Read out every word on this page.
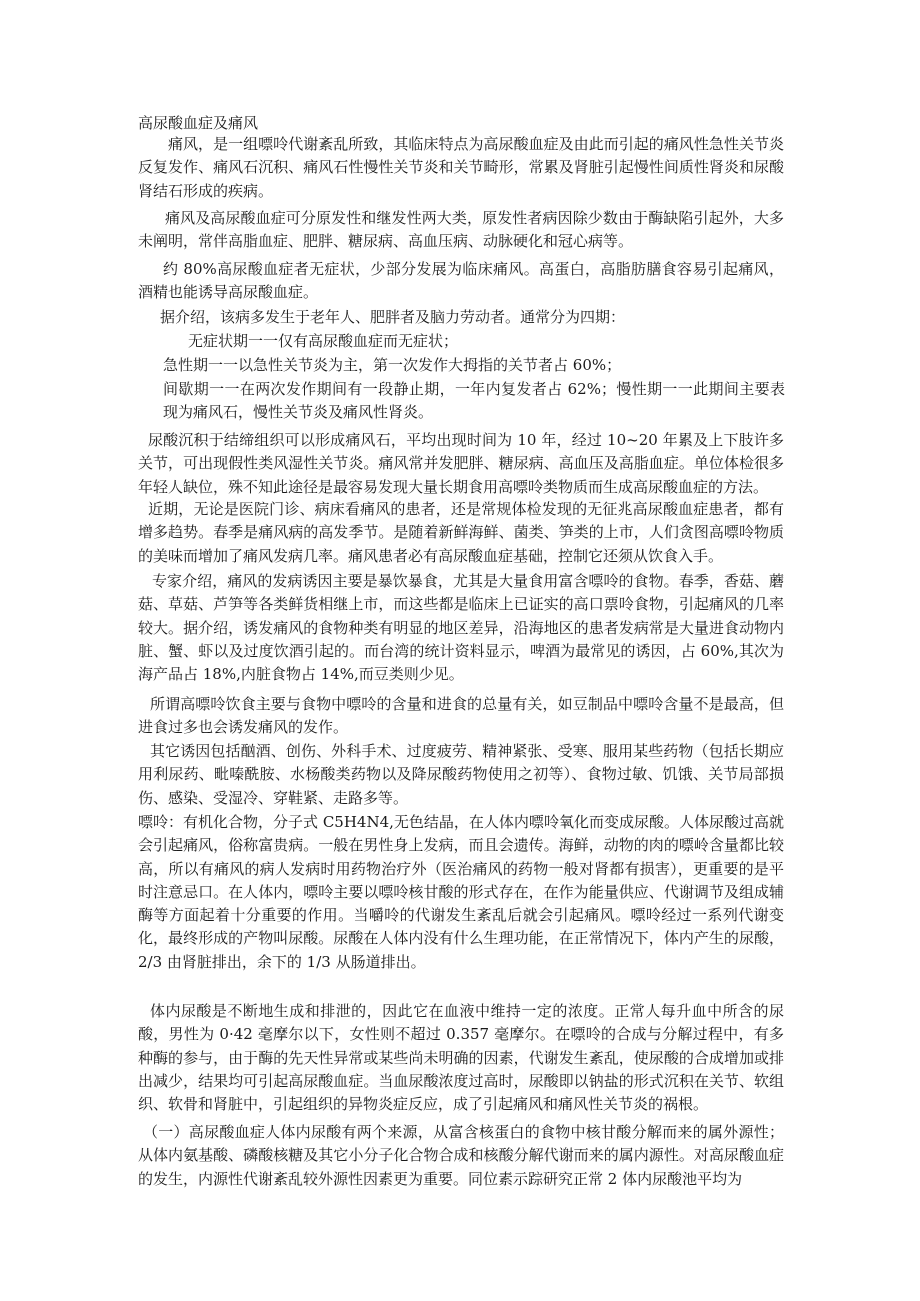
高尿酸血症及痛风

痛风，是一组嘌呤代谢紊乱所致，其临床特点为高尿酸血症及由此而引起的痛风性急性关节炎反复发作、痛风石沉积、痛风石性慢性关节炎和关节畸形，常累及肾脏引起慢性间质性肾炎和尿酸肾结石形成的疾病。

痛风及高尿酸血症可分原发性和继发性两大类，原发性者病因除少数由于酶缺陷引起外，大多未阐明，常伴高脂血症、肥胖、糖尿病、高血压病、动脉硬化和冠心病等。

约 80%高尿酸血症者无症状，少部分发展为临床痛风。高蛋白，高脂肪膳食容易引起痛风，酒精也能诱导高尿酸血症。

据介绍，该病多发生于老年人、肥胖者及脑力劳动者。通常分为四期：

无症状期一一仅有高尿酸血症而无症状；

急性期一一以急性关节炎为主，第一次发作大拇指的关节者占 60%；

间歇期一一在两次发作期间有一段静止期，一年内复发者占 62%；慢性期一一此期间主要表现为痛风石，慢性关节炎及痛风性肾炎。

尿酸沉积于结缔组织可以形成痛风石，平均出现时间为 10 年，经过 10~20 年累及上下肢许多关节，可出现假性类风湿性关节炎。痛风常并发肥胖、糖尿病、高血压及高脂血症。单位体检很多年轻人缺位，殊不知此途径是最容易发现大量长期食用高嘌呤类物质而生成高尿酸血症的方法。

近期，无论是医院门诊、病床看痛风的患者，还是常规体检发现的无征兆高尿酸血症患者，都有增多趋势。春季是痛风病的高发季节。是随着新鲜海鲜、菌类、笋类的上市，人们贪图高嘌呤物质的美味而增加了痛风发病几率。痛风患者必有高尿酸血症基础，控制它还须从饮食入手。

专家介绍，痛风的发病诱因主要是暴饮暴食，尤其是大量食用富含嘌呤的食物。春季，香菇、蘑菇、草菇、芦笋等各类鲜货相继上市，而这些都是临床上已证实的高口票呤食物，引起痛风的几率较大。据介绍，诱发痛风的食物种类有明显的地区差异，沿海地区的患者发病常是大量进食动物内脏、蟹、虾以及过度饮酒引起的。而台湾的统计资料显示，啤酒为最常见的诱因，占 60%,其次为海产品占 18%,内脏食物占 14%,而豆类则少见。

所谓高嘌呤饮食主要与食物中嘌呤的含量和进食的总量有关，如豆制品中嘌呤含量不是最高，但进食过多也会诱发痛风的发作。

其它诱因包括酗酒、创伤、外科手术、过度疲劳、精神紧张、受寒、服用某些药物（包括长期应用利尿药、毗嗪酰胺、水杨酸类药物以及降尿酸药物使用之初等）、食物过敏、饥饿、关节局部损伤、感染、受湿冷、穿鞋紧、走路多等。

嘌呤：有机化合物，分子式 C5H4N4,无色结晶，在人体内嘌呤氧化而变成尿酸。人体尿酸过高就会引起痛风，俗称富贵病。一般在男性身上发病，而且会遗传。海鲜，动物的肉的嘌岭含量都比较高，所以有痛风的病人发病时用药物治疗外（医治痛风的药物一般对肾都有损害），更重要的是平时注意忌口。在人体内，嘌呤主要以嘌呤核甘酸的形式存在，在作为能量供应、代谢调节及组成辅酶等方面起着十分重要的作用。当嚼呤的代谢发生紊乱后就会引起痛风。嘌呤经过一系列代谢变化，最终形成的产物叫尿酸。尿酸在人体内没有什么生理功能，在正常情况下，体内产生的尿酸，2/3 由肾脏排出，余下的 1/3 从肠道排出。

体内尿酸是不断地生成和排泄的，因此它在血液中维持一定的浓度。正常人每升血中所含的尿酸，男性为 0·42 毫摩尔以下，女性则不超过 0.357 毫摩尔。在嘌呤的合成与分解过程中，有多种酶的参与，由于酶的先天性异常或某些尚未明确的因素，代谢发生紊乱，使尿酸的合成增加或排出减少，结果均可引起高尿酸血症。当血尿酸浓度过高时，尿酸即以钠盐的形式沉积在关节、软组织、软骨和肾脏中，引起组织的异物炎症反应，成了引起痛风和痛风性关节炎的祸根。

（一）高尿酸血症人体内尿酸有两个来源，从富含核蛋白的食物中核甘酸分解而来的属外源性；从体内氨基酸、磷酸核糖及其它小分子化合物合成和核酸分解代谢而来的属内源性。对高尿酸血症的发生，内源性代谢紊乱较外源性因素更为重要。同位素示踪研究正常 2 体内尿酸池平均为
